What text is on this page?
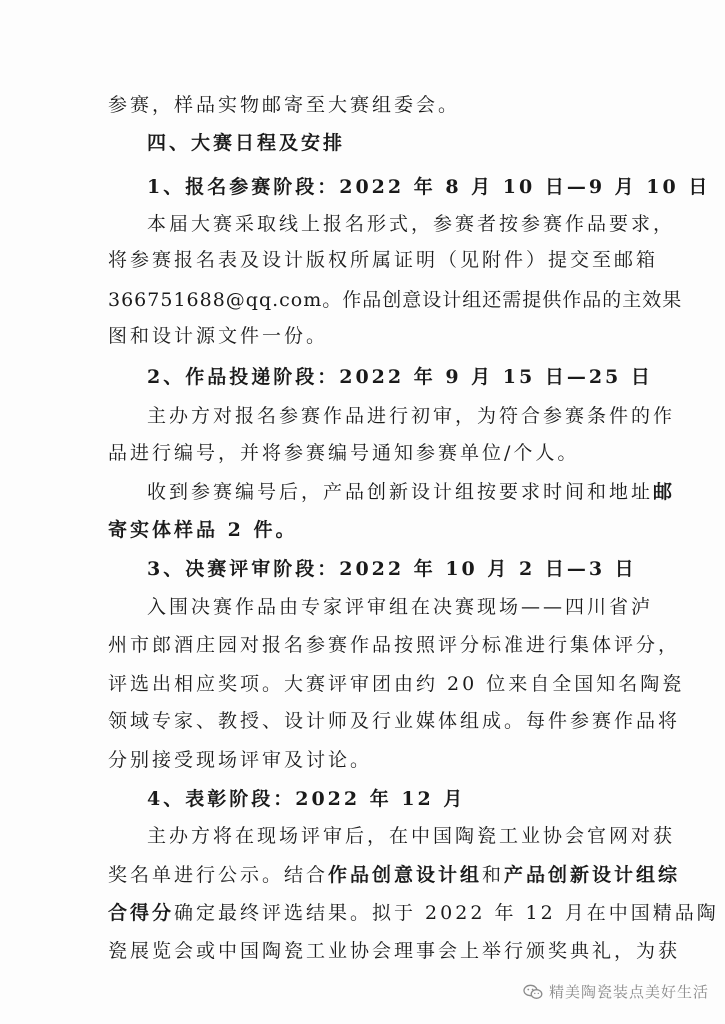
参赛，样品实物邮寄至大赛组委会。
四、大赛日程及安排
1、报名参赛阶段：2022 年 8 月 10 日—9 月 10 日
本届大赛采取线上报名形式，参赛者按参赛作品要求，
将参赛报名表及设计版权所属证明（见附件）提交至邮箱
366751688@qq.com。作品创意设计组还需提供作品的主效果
图和设计源文件一份。
2、作品投递阶段：2022 年 9 月 15 日—25 日
主办方对报名参赛作品进行初审，为符合参赛条件的作
品进行编号，并将参赛编号通知参赛单位/个人。
收到参赛编号后，产品创新设计组按要求时间和地址邮
寄实体样品 2 件。
3、决赛评审阶段：2022 年 10 月 2 日—3 日
入围决赛作品由专家评审组在决赛现场——四川省泸
州市郎酒庄园对报名参赛作品按照评分标准进行集体评分，
评选出相应奖项。大赛评审团由约 20 位来自全国知名陶瓷
领域专家、教授、设计师及行业媒体组成。每件参赛作品将
分别接受现场评审及讨论。
4、表彰阶段：2022 年 12 月
主办方将在现场评审后，在中国陶瓷工业协会官网对获
奖名单进行公示。结合作品创意设计组和产品创新设计组综
合得分确定最终评选结果。拟于 2022 年 12 月在中国精品陶
瓷展览会或中国陶瓷工业协会理事会上举行颁奖典礼，为获
精美陶瓷装点美好生活
